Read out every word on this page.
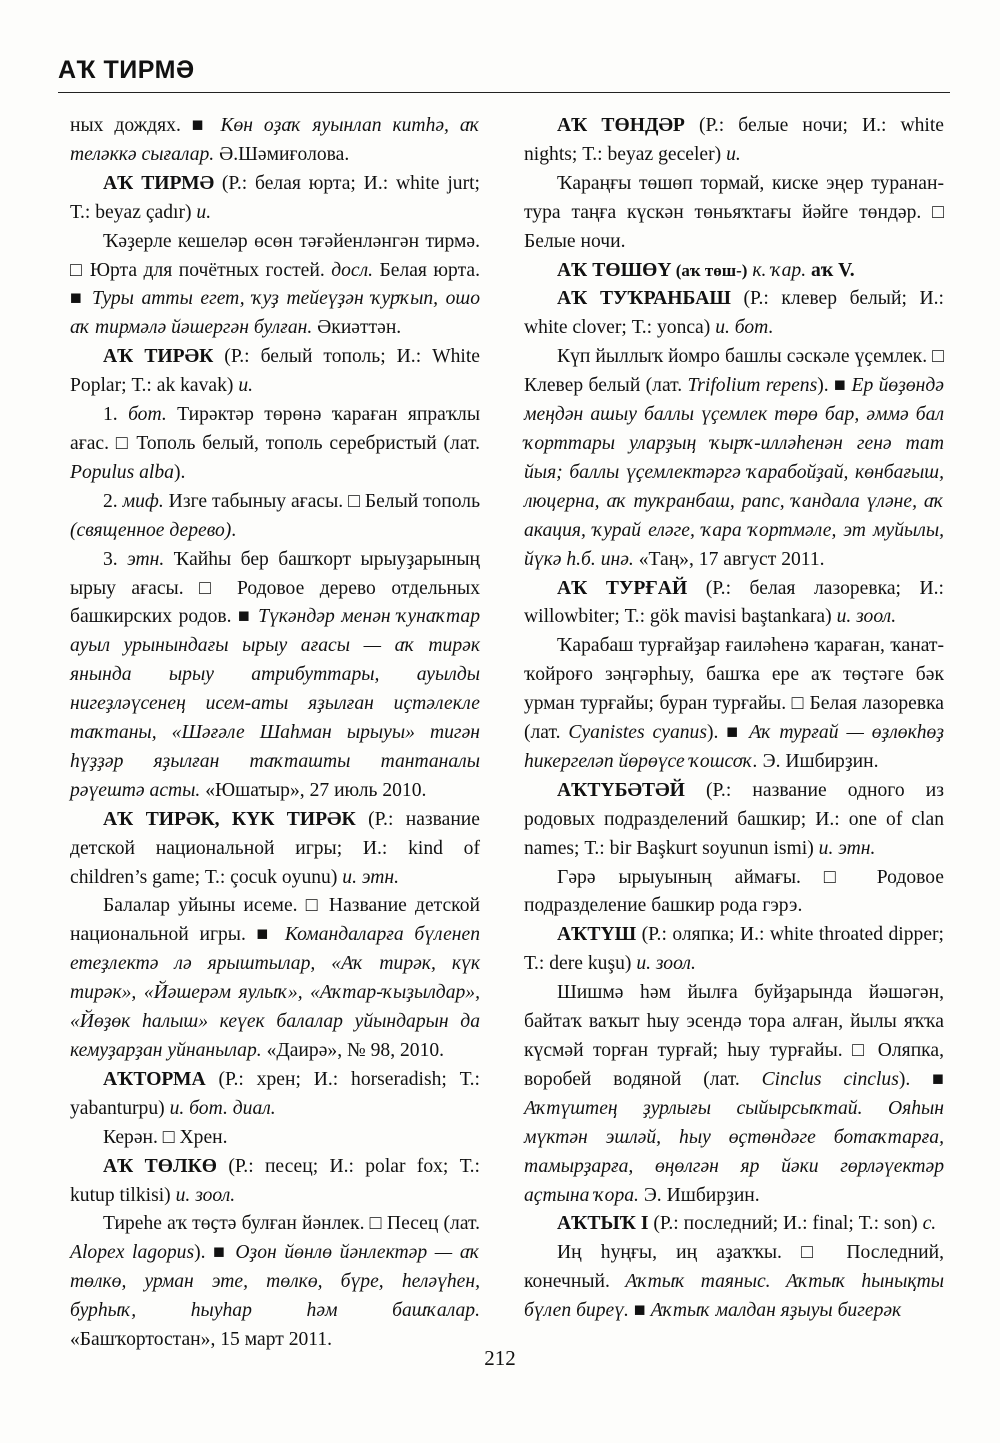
АҠ ТИРМӘ

ных дождях. ■ Көн оҙаҡ яуынлап китһә, аҡ теләккә сығалар. Ә.Шәмиғолова.

АҠ ТИРМӘ (Р.: белая юрта; И.: white jurt; Т.: beyaz çadır) и.

Ҡәҙерле кешеләр өсөн тәғәйенләнгән тирмә. □ Юрта для почётных гостей. досл. Белая юрта. ■ Туры атты егет, ҡуҙ тейеүҙән ҡурҡып, ошо аҡ тирмәлә йәшергән булған. Әкиәттән.

АҠ ТИРӘК (Р.: белый тополь; И.: White Poplar; Т.: ak kavak) и.

1. бот. Тирәктәр төрөнә ҡараған япраҡлы ағас. □ Тополь белый, тополь серебристый (лат. Populus alba).

2. миф. Изге табыныу ағасы. □ Белый тополь (священное дерево).

3. этн. Ҡайһы бер башҡорт ырыуҙарының ырыу ағасы. □ Родовое дерево отдельных башкирских родов. ■ Түкәндәр менән ҡунаҡтар ауыл урынындағы ырыу ағасы — аҡ тирәк янында ырыу атрибуттары, ауылды нигеҙләүсенең исем-аты яҙылған иҫтәлекле таҡтаны, «Шәғәле Шаһман ырыуы» тигән һүҙҙәр яҙылған таҡташты тантаналы рәүештә асты. «Юшатыр», 27 июль 2010.

АҠ ТИРӘК, КҮК ТИРӘК (Р.: название детской национальной игры; И.: kind of children’s game; Т.: çocuk oyunu) и. этн.

Балалар уйыны исеме. □ Название детской национальной игры. ■ Командаларға бүленеп етеҙлектә лә ярыштылар, «Аҡ тирәк, күк тирәк», «Йәшерәм яулыҡ», «Аҡтар-ҡыҙылдар», «Йөҙөк һалыш» кеүек балалар уйындарын да кемуҙарҙан уйнанылар. «Даирә», № 98, 2010.

АҠТОРМА (Р.: хрен; И.: horseradish; Т.: yabanturpu) и. бот. диал.

Керән. □ Хрен.

АҠ ТӨЛКӨ (Р.: песец; И.: polar fox; Т.: kutup tilkisi) и. зоол.

Тиреһе аҡ төҫтә булған йәнлек. □ Песец (лат. Alopex lagopus). ■ Оҙон йөнлө йәнлектәр — аҡ төлкө, урман эте, төлкө, бүре, һеләүһен, бурһыҡ, һыуһар һәм башҡалар. «Башҡортостан», 15 март 2011.

АҠ ТӨНДӘР (Р.: белые ночи; И.: white nights; Т.: beyaz geceler) и.

Ҡараңғы төшөп тормай, киске эңер туранан-тура таңға күскән төньяҡтағы йәйге төндәр. □ Белые ночи.

АҠ ТӨШӨҮ (аҡ төш-) к. ҡар. аҡ V.

АҠ ТУҠРАНБАШ (Р.: клевер белый; И.: white clover; Т.: yonca) и. бот.

Күп йыллыҡ йомро башлы сәскәле үҫемлек. □ Клевер белый (лат. Trifolium repens). ■ Ер йөҙөндә меңдән ашыу баллы үҫемлек төрө бар, әммә бал ҡорттары уларҙың ҡырҡ-илләһенән генә тат йыя; баллы үҫемлектәргә ҡарабойҙай, көнбағыш, люцерна, аҡ туҡранбаш, рапс, ҡандала үләне, аҡ акация, ҡурай еләге, ҡара ҡортмәле, эт муйылы, йүкә һ.б. инә. «Таң», 17 август 2011.

АҠ ТУРҒАЙ (Р.: белая лазоревка; И.: willowbiter; Т.: gök mavisi baştankara) и. зоол.

Ҡарабаш турғайҙар ғаиләһенә ҡараған, ҡанат-ҡойроғо зәңгәрһыу, башҡа ере аҡ төҫтәге бәк урман турғайы; буран турғайы. □ Белая лазоревка (лат. Cyanistes cyanus). ■ Аҡ турғай — өҙлөкһөҙ һикергеләп йөрөүсе ҡошсоҡ. Э. Ишбирҙин.

АҠТҮБӘТӘЙ (Р.: название одного из родовых подразделений башкир; И.: one of clan names; Т.: bir Başkurt soyunun ismi) и. этн.

Гәрә ырыуының аймағы. □ Родовое подразделение башкир рода гэрэ.

АҠТҮШ (Р.: оляпка; И.: white throated dipper; Т.: dere kuşu) и. зоол.

Шишмә һәм йылға буйҙарында йәшәгән, байтаҡ ваҡыт һыу эсендә тора алған, йылы яҡҡа күсмәй торған турғай; һыу турғайы. □ Оляпка, воробей водяной (лат. Cinclus cinclus). ■ Аҡтүштең ҙурлығы сыйырсыҡтай. Ояһын мүктән эшләй, һыу өҫтөндәге ботаҡтарға, тамырҙарға, өңөлгән яр йәки гөрләүектәр аҫтына ҡора. Э. Ишбирҙин.

АҠТЫҠ I (Р.: последний; И.: final; Т.: son) с.

Иң һуңғы, иң аҙаҡҡы. □ Последний, конечный. Аҡтыҡ таяныс. Аҡтыҡ һынықты бүлеп биреү. ■ Аҡтыҡ малдан яҙыуы бигерәк

212
